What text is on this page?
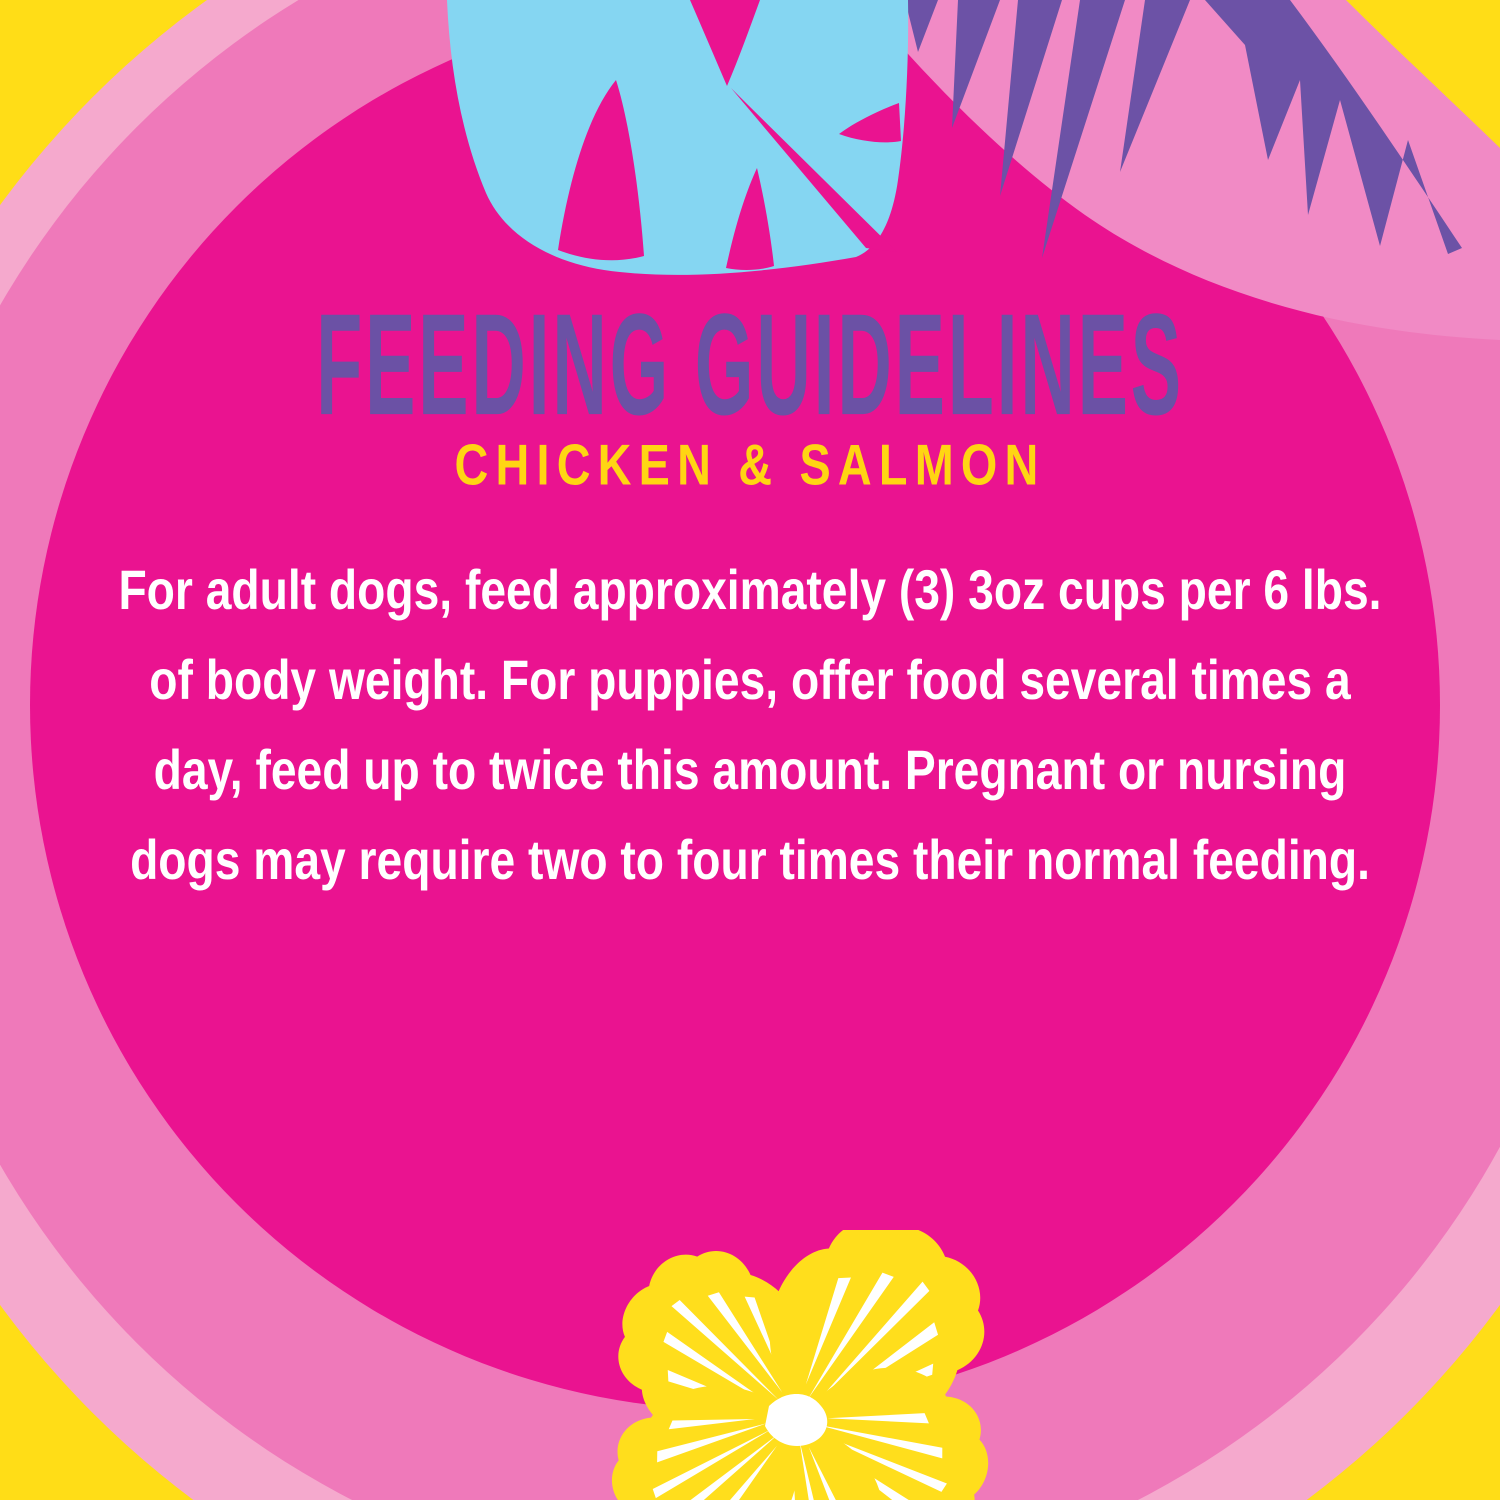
FEEDING GUIDELINES
CHICKEN & SALMON
For adult dogs, feed approximately (3) 3oz cups per 6 lbs.
of body weight. For puppies, offer food several times a
day, feed up to twice this amount. Pregnant or nursing
dogs may require two to four times their normal feeding.
